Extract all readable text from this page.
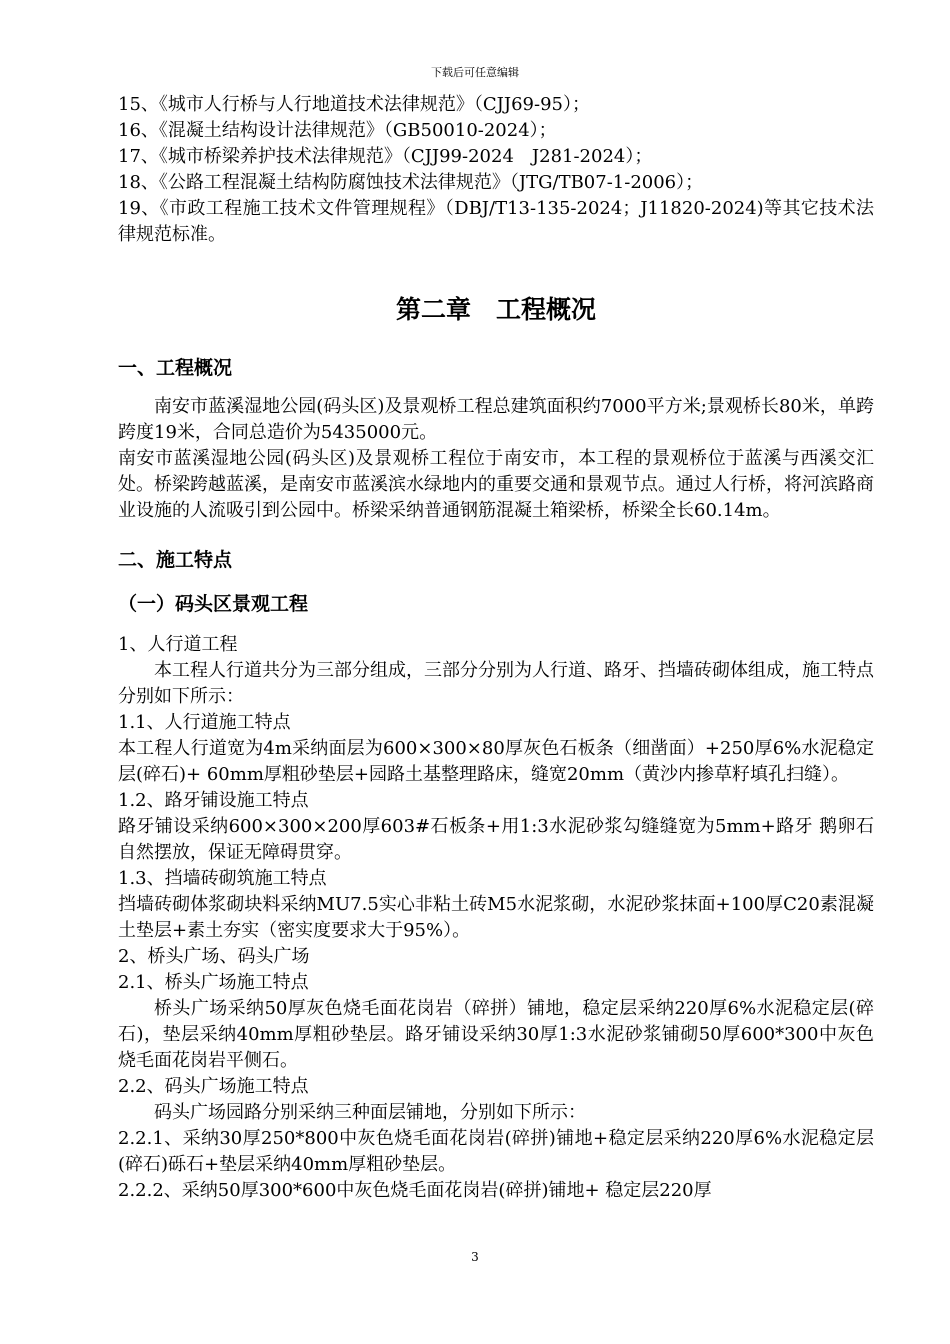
下载后可任意编辑

15、《城市人行桥与人行地道技术法律规范》（CJJ69-95）；

16、《混凝土结构设计法律规范》（GB50010-2024）；

17、《城市桥梁养护技术法律规范》（CJJ99-2024　J281-2024）；

18、《公路工程混凝土结构防腐蚀技术法律规范》（JTG/TB07-1-2006）；

19、《市政工程施工技术文件管理规程》（DBJ/T13-135-2024；J11820-2024)等其它技术法律规范标准。

第二章　工程概况
一、工程概况

南安市蓝溪湿地公园(码头区)及景观桥工程总建筑面积约7000平方米;景观桥长80米，单跨跨度19米，合同总造价为5435000元。

南安市蓝溪湿地公园(码头区)及景观桥工程位于南安市，本工程的景观桥位于蓝溪与西溪交汇处。桥梁跨越蓝溪，是南安市蓝溪滨水绿地内的重要交通和景观节点。通过人行桥，将河滨路商业设施的人流吸引到公园中。桥梁采纳普通钢筋混凝土箱梁桥，桥梁全长60.14m。

二、施工特点
（一）码头区景观工程

1、人行道工程

本工程人行道共分为三部分组成，三部分分别为人行道、路牙、挡墙砖砌体组成，施工特点分别如下所示：

1.1、人行道施工特点

本工程人行道宽为4m采纳面层为600×300×80厚灰色石板条（细凿面）+250厚6%水泥稳定层(碎石)+ 60mm厚粗砂垫层+园路土基整理路床，缝宽20mm（黄沙内掺草籽填孔扫缝）。

1.2、路牙铺设施工特点

路牙铺设采纳600×300×200厚603#石板条+用1:3水泥砂浆勾缝缝宽为5mm+路牙 鹅卵石自然摆放，保证无障碍贯穿。

1.3、挡墙砖砌筑施工特点

挡墙砖砌体浆砌块料采纳MU7.5实心非粘土砖M5水泥浆砌，水泥砂浆抹面+100厚C20素混凝土垫层+素土夯实（密实度要求大于95%）。

2、桥头广场、码头广场

2.1、桥头广场施工特点

桥头广场采纳50厚灰色烧毛面花岗岩（碎拼）铺地，稳定层采纳220厚6%水泥稳定层(碎石)，垫层采纳40mm厚粗砂垫层。路牙铺设采纳30厚1:3水泥砂浆铺砌50厚600*300中灰色烧毛面花岗岩平侧石。

2.2、码头广场施工特点

码头广场园路分别采纳三种面层铺地，分别如下所示：

2.2.1、采纳30厚250*800中灰色烧毛面花岗岩(碎拼)铺地+稳定层采纳220厚6%水泥稳定层(碎石)砾石+垫层采纳40mm厚粗砂垫层。

2.2.2、采纳50厚300*600中灰色烧毛面花岗岩(碎拼)铺地+ 稳定层220厚

3
